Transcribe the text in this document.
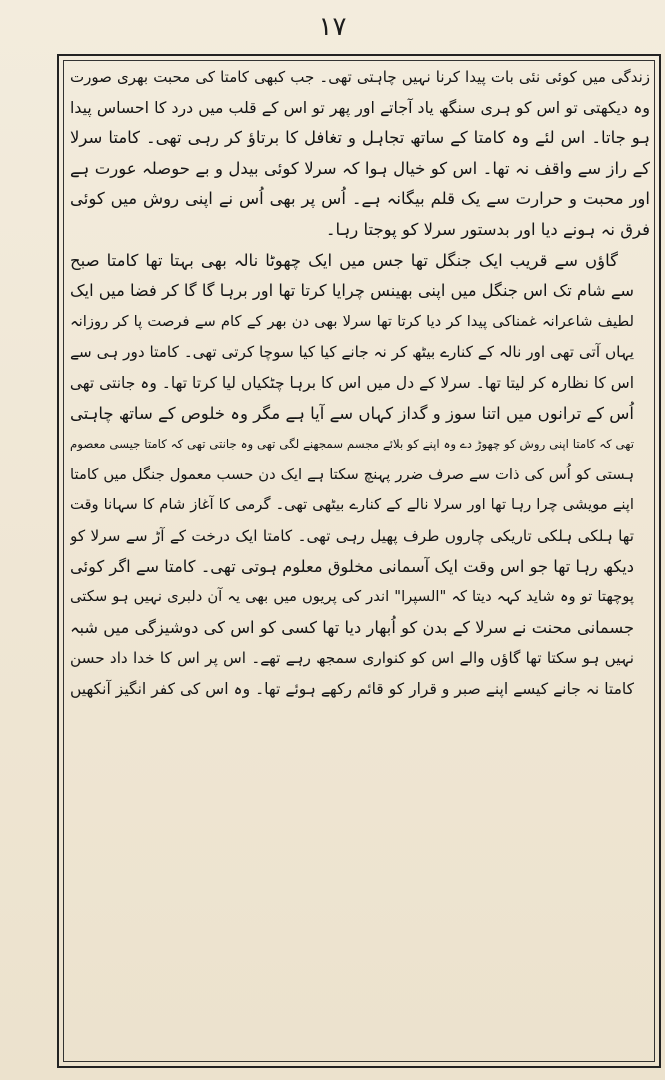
۱۷
زندگی میں کوئی نئی بات پیدا کرنا نہیں چاہتی تھی۔ جب کبھی کامتا کی محبت بھری صورت
وہ دیکھتی تو اس کو ہری سنگھ یاد آجاتے اور پھر تو اس کے قلب میں درد کا احساس پیدا
ہو جاتا۔ اس لئے وہ کامتا کے ساتھ تجاہل و تغافل کا برتاؤ کر رہی تھی۔ کامتا سرلا
کے راز سے واقف نہ تھا۔ اس کو خیال ہوا کہ سرلا کوئی بیدل و بے حوصلہ عورت ہے
اور محبت و حرارت سے یک قلم بیگانہ ہے۔ اُس پر بھی اُس نے اپنی روش میں کوئی
فرق نہ ہونے دیا اور بدستور سرلا کو پوجتا رہا۔
گاؤں سے قریب ایک جنگل تھا جس میں ایک چھوٹا نالہ بھی بہتا تھا کامتا صبح
سے شام تک اس جنگل میں اپنی بھینس چرایا کرتا تھا اور برہا گا گا کر فضا میں ایک
لطیف شاعرانہ غمناکی پیدا کر دیا کرتا تھا سرلا بھی دن بھر کے کام سے فرصت پا کر روزانہ
یہاں آتی تھی اور نالہ کے کنارے بیٹھ کر نہ جانے کیا کیا سوچا کرتی تھی۔ کامتا دور ہی سے
اس کا نظارہ کر لیتا تھا۔ سرلا کے دل میں اس کا برہا چٹکیاں لیا کرتا تھا۔ وہ جانتی تھی
اُس کے ترانوں میں اتنا سوز و گداز کہاں سے آیا ہے مگر وہ خلوص کے ساتھ چاہتی
تھی کہ کامتا اپنی روش کو چھوڑ دے وہ اپنے کو بلائے مجسم سمجھنے لگی تھی وہ جانتی تھی کہ کامتا جیسی معصوم
ہستی کو اُس کی ذات سے صرف ضرر پہنچ سکتا ہے ایک دن حسب معمول جنگل میں کامتا
اپنے مویشی چرا رہا تھا اور سرلا نالے کے کنارے بیٹھی تھی۔ گرمی کا آغاز شام کا سہانا وقت
تھا ہلکی ہلکی تاریکی چاروں طرف پھیل رہی تھی۔ کامتا ایک درخت کے آڑ سے سرلا کو
دیکھ رہا تھا جو اس وقت ایک آسمانی مخلوق معلوم ہوتی تھی۔ کامتا سے اگر کوئی
پوچھتا تو وہ شاید کہہ دیتا کہ "السپرا" اندر کی پریوں میں بھی یہ آن دلبری نہیں ہو سکتی
جسمانی محنت نے سرلا کے بدن کو اُبھار دیا تھا کسی کو اس کی دوشیزگی میں شبہ
نہیں ہو سکتا تھا گاؤں والے اس کو کنواری سمجھ رہے تھے۔ اس پر اس کا خدا داد حسن
کامتا نہ جانے کیسے اپنے صبر و قرار کو قائم رکھے ہوئے تھا۔ وہ اس کی کفر انگیز آنکھیں
